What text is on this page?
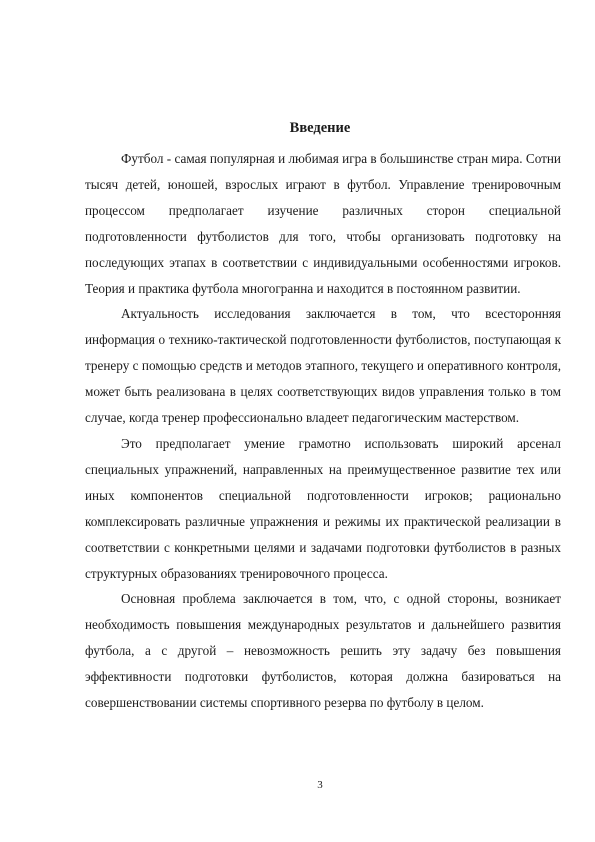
Введение

Футбол - самая популярная и любимая игра в большинстве стран мира. Сотни тысяч детей, юношей, взрослых играют в футбол. Управление тренировочным процессом предполагает изучение различных сторон специальной подготовленности футболистов для того, чтобы организовать подготовку на последующих этапах в соответствии с индивидуальными особенностями игроков. Теория и практика футбола многогранна и находится в постоянном развитии.

Актуальность исследования заключается в том, что всесторонняя информация о технико-тактической подготовленности футболистов, поступающая к тренеру с помощью средств и методов этапного, текущего и оперативного контроля, может быть реализована в целях соответствующих видов управления только в том случае, когда тренер профессионально владеет педагогическим мастерством.

Это предполагает умение грамотно использовать широкий арсенал специальных упражнений, направленных на преимущественное развитие тех или иных компонентов специальной подготовленности игроков; рационально комплексировать различные упражнения и режимы их практической реализации в соответствии с конкретными целями и задачами подготовки футболистов в разных структурных образованиях тренировочного процесса.

Основная проблема заключается в том, что, с одной стороны, возникает необходимость повышения международных результатов и дальнейшего развития футбола, а с другой – невозможность решить эту задачу без повышения эффективности подготовки футболистов, которая должна базироваться на совершенствовании системы спортивного резерва по футболу в целом.

3
